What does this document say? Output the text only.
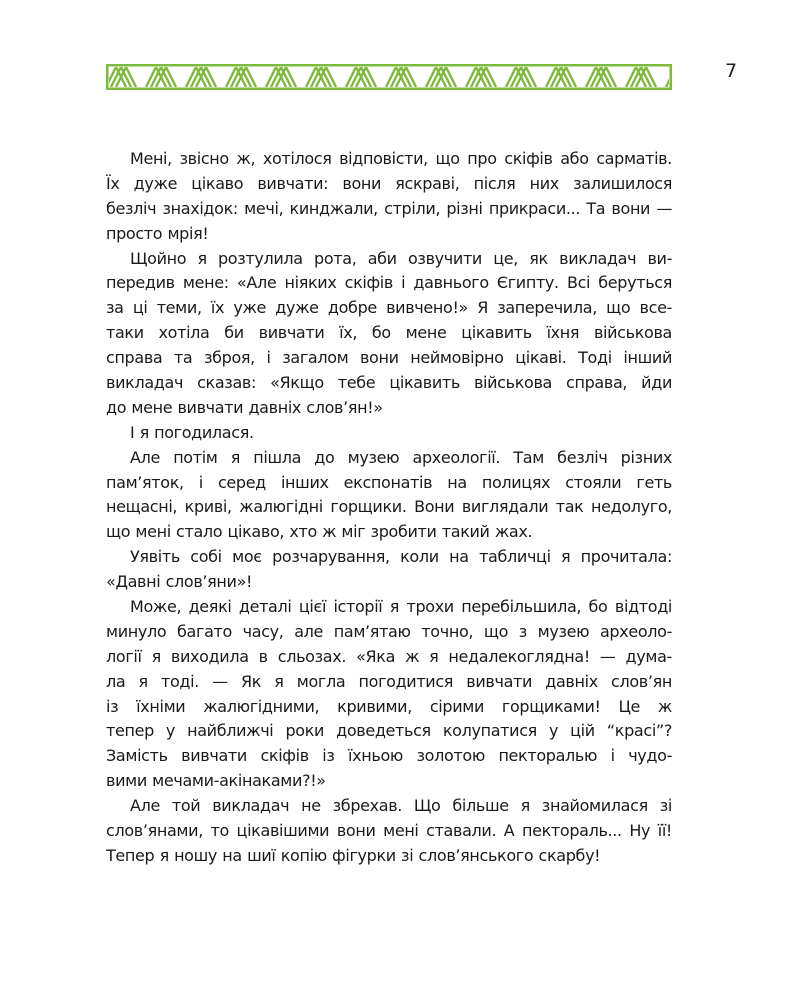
7
Мені, звісно ж, хотілося відповісти, що про скіфів або сарматів.
Їх дуже цікаво вивчати: вони яскраві, після них залишилося
безліч знахідок: мечі, кинджали, стріли, різні прикраси... Та вони —
просто мрія!
Щойно я розтулила рота, аби озвучити це, як викладач ви-
передив мене: «Але ніяких скіфів і давнього Єгипту. Всі беруться
за ці теми, їх уже дуже добре вивчено!» Я заперечила, що все-
таки хотіла би вивчати їх, бо мене цікавить їхня військова
справа та зброя, і загалом вони неймовірно цікаві. Тоді інший
викладач сказав: «Якщо тебе цікавить військова справа, йди
до мене вивчати давніх слов’ян!»
І я погодилася.
Але потім я пішла до музею археології. Там безліч різних
пам’яток, і серед інших експонатів на полицях стояли геть
нещасні, криві, жалюгідні горщики. Вони виглядали так недолуго,
що мені стало цікаво, хто ж міг зробити такий жах.
Уявіть собі моє розчарування, коли на табличці я прочитала:
«Давні слов’яни»!
Може, деякі деталі цієї історії я трохи перебільшила, бо відтоді
минуло багато часу, але пам’ятаю точно, що з музею археоло-
логії я виходила в сльозах. «Яка ж я недалекоглядна! — дума-
ла я тоді. — Як я могла погодитися вивчати давніх слов’ян
із їхніми жалюгідними, кривими, сірими горщиками! Це ж
тепер у найближчі роки доведеться колупатися у цій “красі”?
Замість вивчати скіфів із їхньою золотою пекторалью і чудо-
вими мечами-акінаками?!»
Але той викладач не збрехав. Що більше я знайомилася зі
слов’янами, то цікавішими вони мені ставали. А пектораль... Ну її!
Тепер я ношу на шиї копію фігурки зі слов’янського скарбу!
